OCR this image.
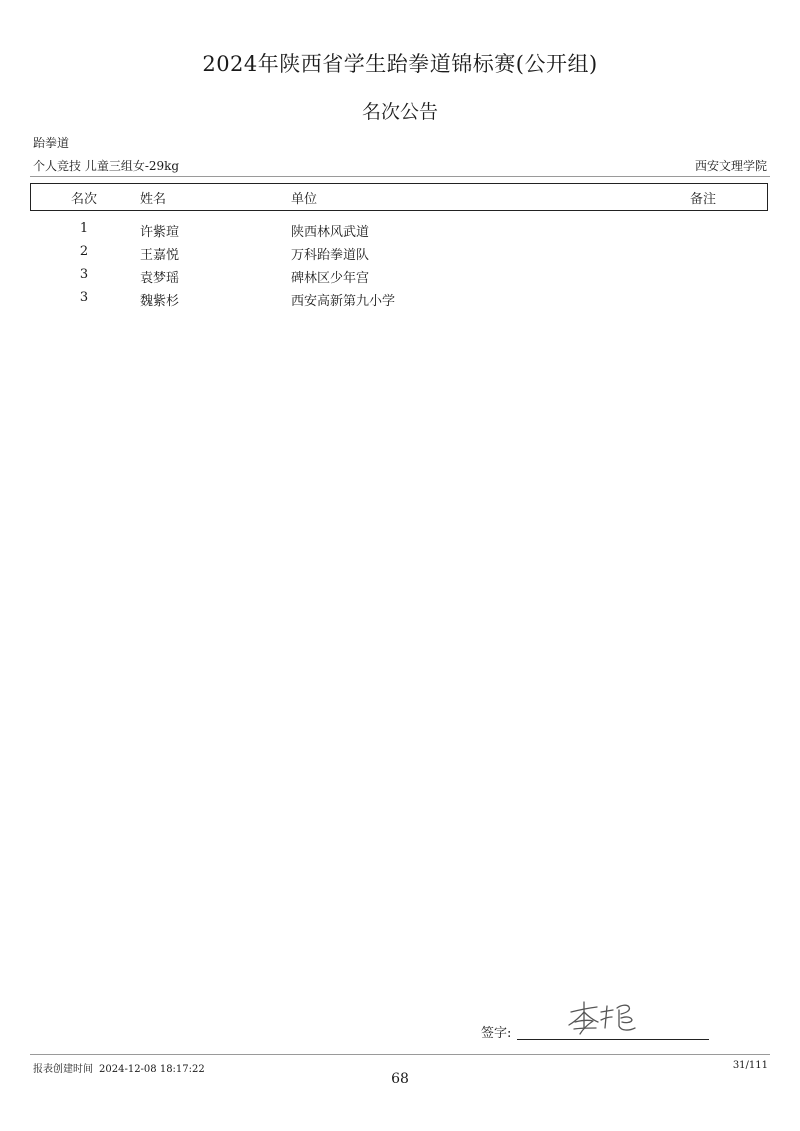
2024年陕西省学生跆拳道锦标赛(公开组)
名次公告
跆拳道
个人竞技 儿童三组女-29kg	西安文理学院
名次	姓名	单位	备注
1	许紫瑄	陕西林风武道
2	王嘉悦	万科跆拳道队
3	袁梦瑶	碑林区少年宫
3	魏紫杉	西安高新第九小学
签字:
报表创建时间 2024-12-08 18:17:22	31/111
68
